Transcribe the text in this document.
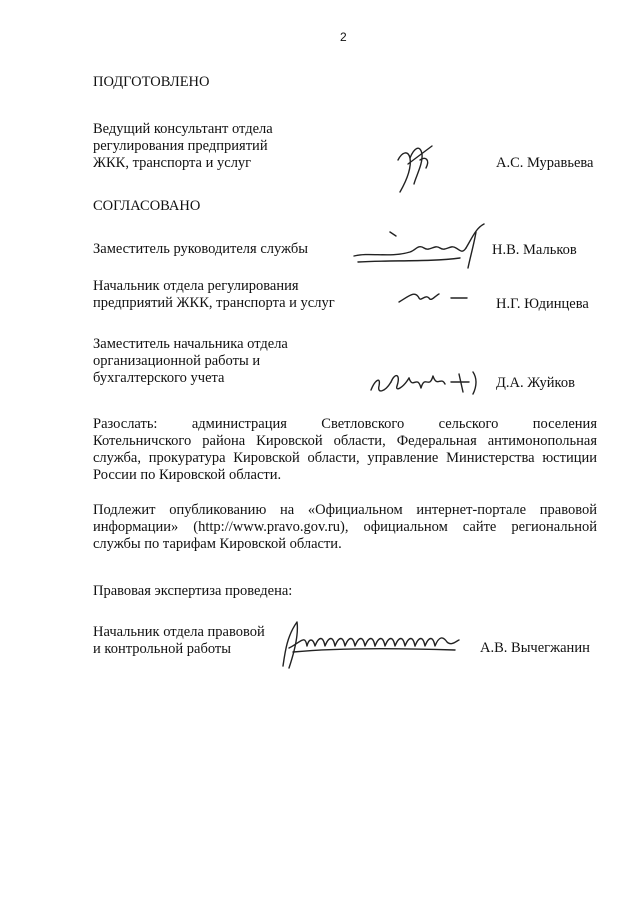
2
ПОДГОТОВЛЕНО
Ведущий консультант отдела
регулирования предприятий
ЖКК, транспорта и услуг	А.С. Муравьева
СОГЛАСОВАНО
Заместитель руководителя службы	Н.В. Мальков
Начальник отдела регулирования
предприятий ЖКК, транспорта и услуг	Н.Г. Юдинцева
Заместитель начальника отдела
организационной работы и
бухгалтерского учета	Д.А. Жуйков
Разослать: администрация Светловского сельского поселения
Котельничского района Кировской области, Федеральная антимонопольная
служба, прокуратура Кировской области, управление Министерства юстиции
России по Кировской области.
Подлежит опубликованию на «Официальном интернет-портале правовой
информации» (http://www.pravo.gov.ru), официальном сайте региональной
службы по тарифам Кировской области.
Правовая экспертиза проведена:
Начальник отдела правовой
и контрольной работы	А.В. Вычегжанин
